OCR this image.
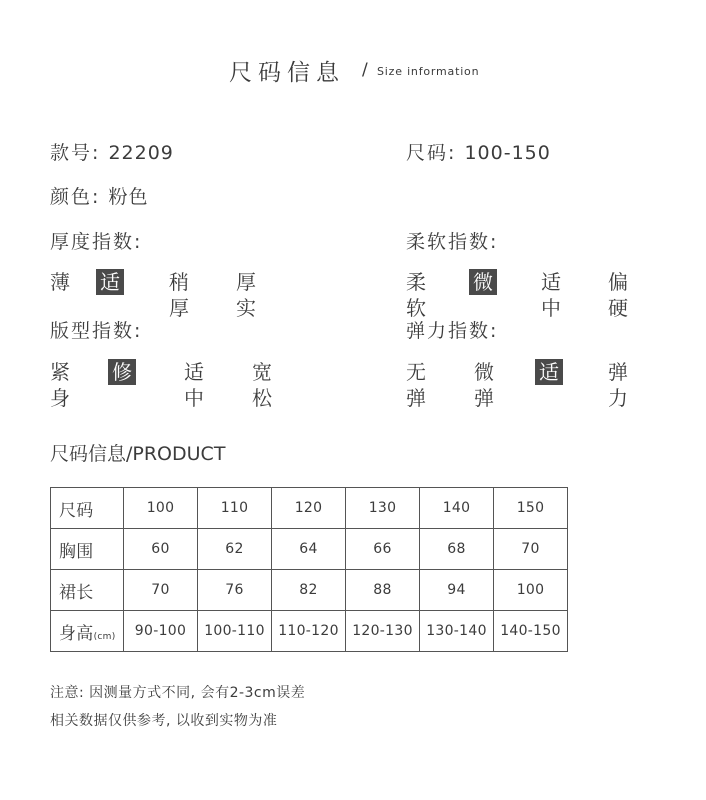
尺码信息 / Size information
款号: 22209	尺码: 100-150
颜色: 粉色
厚度指数:	柔软指数:
薄 适中
稍厚
厚实
柔软
微软
适中
偏硬
版型指数:	弹力指数:
紧身
修身
适中
宽松
无弹
微弹
适中
弹力
尺码信息/PRODUCT
尺码	100	110	120	130	140	150
胸围	60	62	64	66	68	70
裙长	70	76	82	88	94	100
身高(cm)	90-100	100-110	110-120	120-130	130-140	140-150
注意: 因测量方式不同, 会有2-3cm误差
相关数据仅供参考, 以收到实物为准
